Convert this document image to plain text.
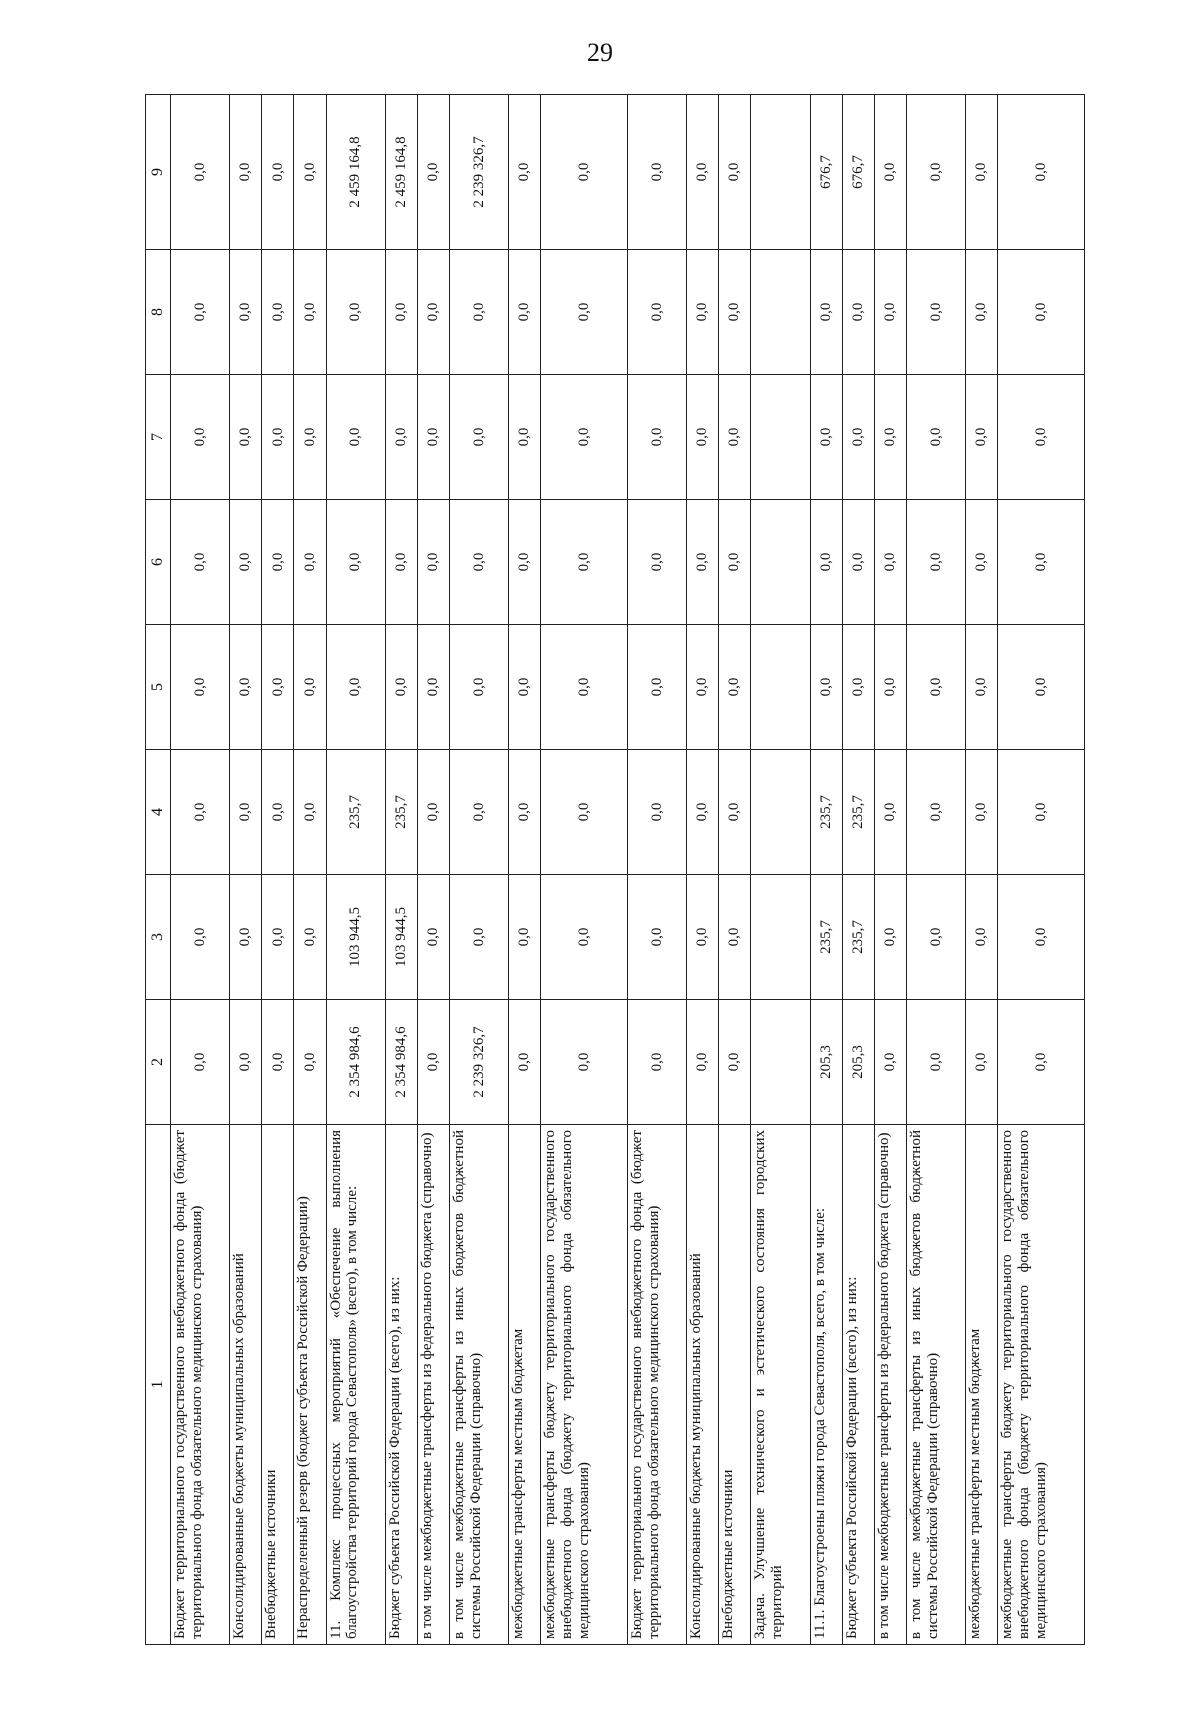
29
1	2	3	4	5	6	7	8	9
Бюджет территориального государственного внебюджетного фонда (бюджет территориального фонда обязательного медицинского страхования)	0,0	0,0	0,0	0,0	0,0	0,0	0,0	0,0
Консолидированные бюджеты муниципальных образований	0,0	0,0	0,0	0,0	0,0	0,0	0,0	0,0
Внебюджетные источники	0,0	0,0	0,0	0,0	0,0	0,0	0,0	0,0
Нераспределенный резерв (бюджет субъекта Российской Федерации)	0,0	0,0	0,0	0,0	0,0	0,0	0,0	0,0
11. Комплекс процессных мероприятий «Обеспечение выполнения благоустройства территорий города Севастополя» (всего), в том числе:	2 354 984,6	103 944,5	235,7	0,0	0,0	0,0	0,0	2 459 164,8
Бюджет субъекта Российской Федерации (всего), из них:	2 354 984,6	103 944,5	235,7	0,0	0,0	0,0	0,0	2 459 164,8
в том числе межбюджетные трансферты из федерального бюджета (справочно)	0,0	0,0	0,0	0,0	0,0	0,0	0,0	0,0
в том числе межбюджетные трансферты из иных бюджетов бюджетной системы Российской Федерации (справочно)	2 239 326,7	0,0	0,0	0,0	0,0	0,0	0,0	2 239 326,7
межбюджетные трансферты местным бюджетам	0,0	0,0	0,0	0,0	0,0	0,0	0,0	0,0
межбюджетные трансферты бюджету территориального государственного внебюджетного фонда (бюджету территориального фонда обязательного медицинского страхования)	0,0	0,0	0,0	0,0	0,0	0,0	0,0	0,0
Бюджет территориального государственного внебюджетного фонда (бюджет территориального фонда обязательного медицинского страхования)	0,0	0,0	0,0	0,0	0,0	0,0	0,0	0,0
Консолидированные бюджеты муниципальных образований	0,0	0,0	0,0	0,0	0,0	0,0	0,0	0,0
Внебюджетные источники	0,0	0,0	0,0	0,0	0,0	0,0	0,0	0,0
Задача. Улучшение технического и эстетического состояния городских территорий								
11.1. Благоустроены пляжи города Севастополя, всего, в том числе:	205,3	235,7	235,7	0,0	0,0	0,0	0,0	676,7
Бюджет субъекта Российской Федерации (всего), из них:	205,3	235,7	235,7	0,0	0,0	0,0	0,0	676,7
в том числе межбюджетные трансферты из федерального бюджета (справочно)	0,0	0,0	0,0	0,0	0,0	0,0	0,0	0,0
в том числе межбюджетные трансферты из иных бюджетов бюджетной системы Российской Федерации (справочно)	0,0	0,0	0,0	0,0	0,0	0,0	0,0	0,0
межбюджетные трансферты местным бюджетам	0,0	0,0	0,0	0,0	0,0	0,0	0,0	0,0
межбюджетные трансферты бюджету территориального государственного внебюджетного фонда (бюджету территориального фонда обязательного медицинского страхования)	0,0	0,0	0,0	0,0	0,0	0,0	0,0	0,0
